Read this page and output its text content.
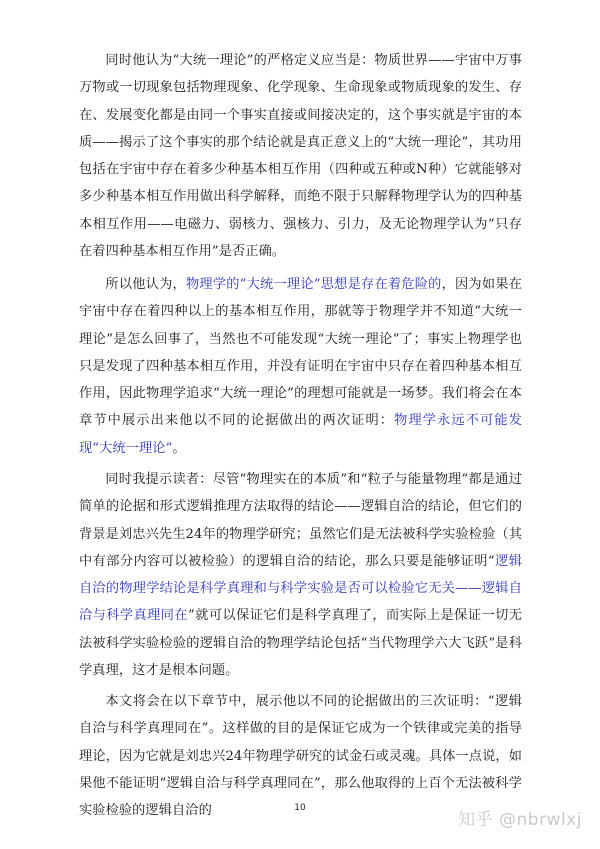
同时他认为“大统一理论”的严格定义应当是：物质世界——宇宙中万事万物或一切现象包括物理现象、化学现象、生命现象或物质现象的发生、存在、发展变化都是由同一个事实直接或间接决定的，这个事实就是宇宙的本质——揭示了这个事实的那个结论就是真正意义上的“大统一理论”，其功用包括在宇宙中存在着多少种基本相互作用（四种或五种或N种）它就能够对多少种基本相互作用做出科学解释，而绝不限于只解释物理学认为的四种基本相互作用——电磁力、弱核力、强核力、引力，及无论物理学认为“只存在着四种基本相互作用”是否正确。

所以他认为，物理学的“大统一理论”思想是存在着危险的，因为如果在宇宙中存在着四种以上的基本相互作用，那就等于物理学并不知道“大统一理论”是怎么回事了，当然也不可能发现“大统一理论”了；事实上物理学也只是发现了四种基本相互作用，并没有证明在宇宙中只存在着四种基本相互作用，因此物理学追求“大统一理论”的理想可能就是一场梦。我们将会在本章节中展示出来他以不同的论据做出的两次证明：物理学永远不可能发现“大统一理论”。

同时我提示读者：尽管“物理实在的本质”和“粒子与能量物理”都是通过简单的论据和形式逻辑推理方法取得的结论——逻辑自洽的结论，但它们的背景是刘忠兴先生24年的物理学研究；虽然它们是无法被科学实验检验（其中有部分内容可以被检验）的逻辑自洽的结论，那么只要是能够证明“逻辑自洽的物理学结论是科学真理和与科学实验是否可以检验它无关——逻辑自洽与科学真理同在”就可以保证它们是科学真理了，而实际上是保证一切无法被科学实验检验的逻辑自洽的物理学结论包括“当代物理学六大飞跃”是科学真理，这才是根本问题。

本文将会在以下章节中，展示他以不同的论据做出的三次证明：“逻辑自洽与科学真理同在”。这样做的目的是保证它成为一个铁律或完美的指导理论，因为它就是刘忠兴24年物理学研究的试金石或灵魂。具体一点说，如果他不能证明“逻辑自洽与科学真理同在”，那么他取得的上百个无法被科学实验检验的逻辑自洽的	10
知乎 @nbrwlxj
